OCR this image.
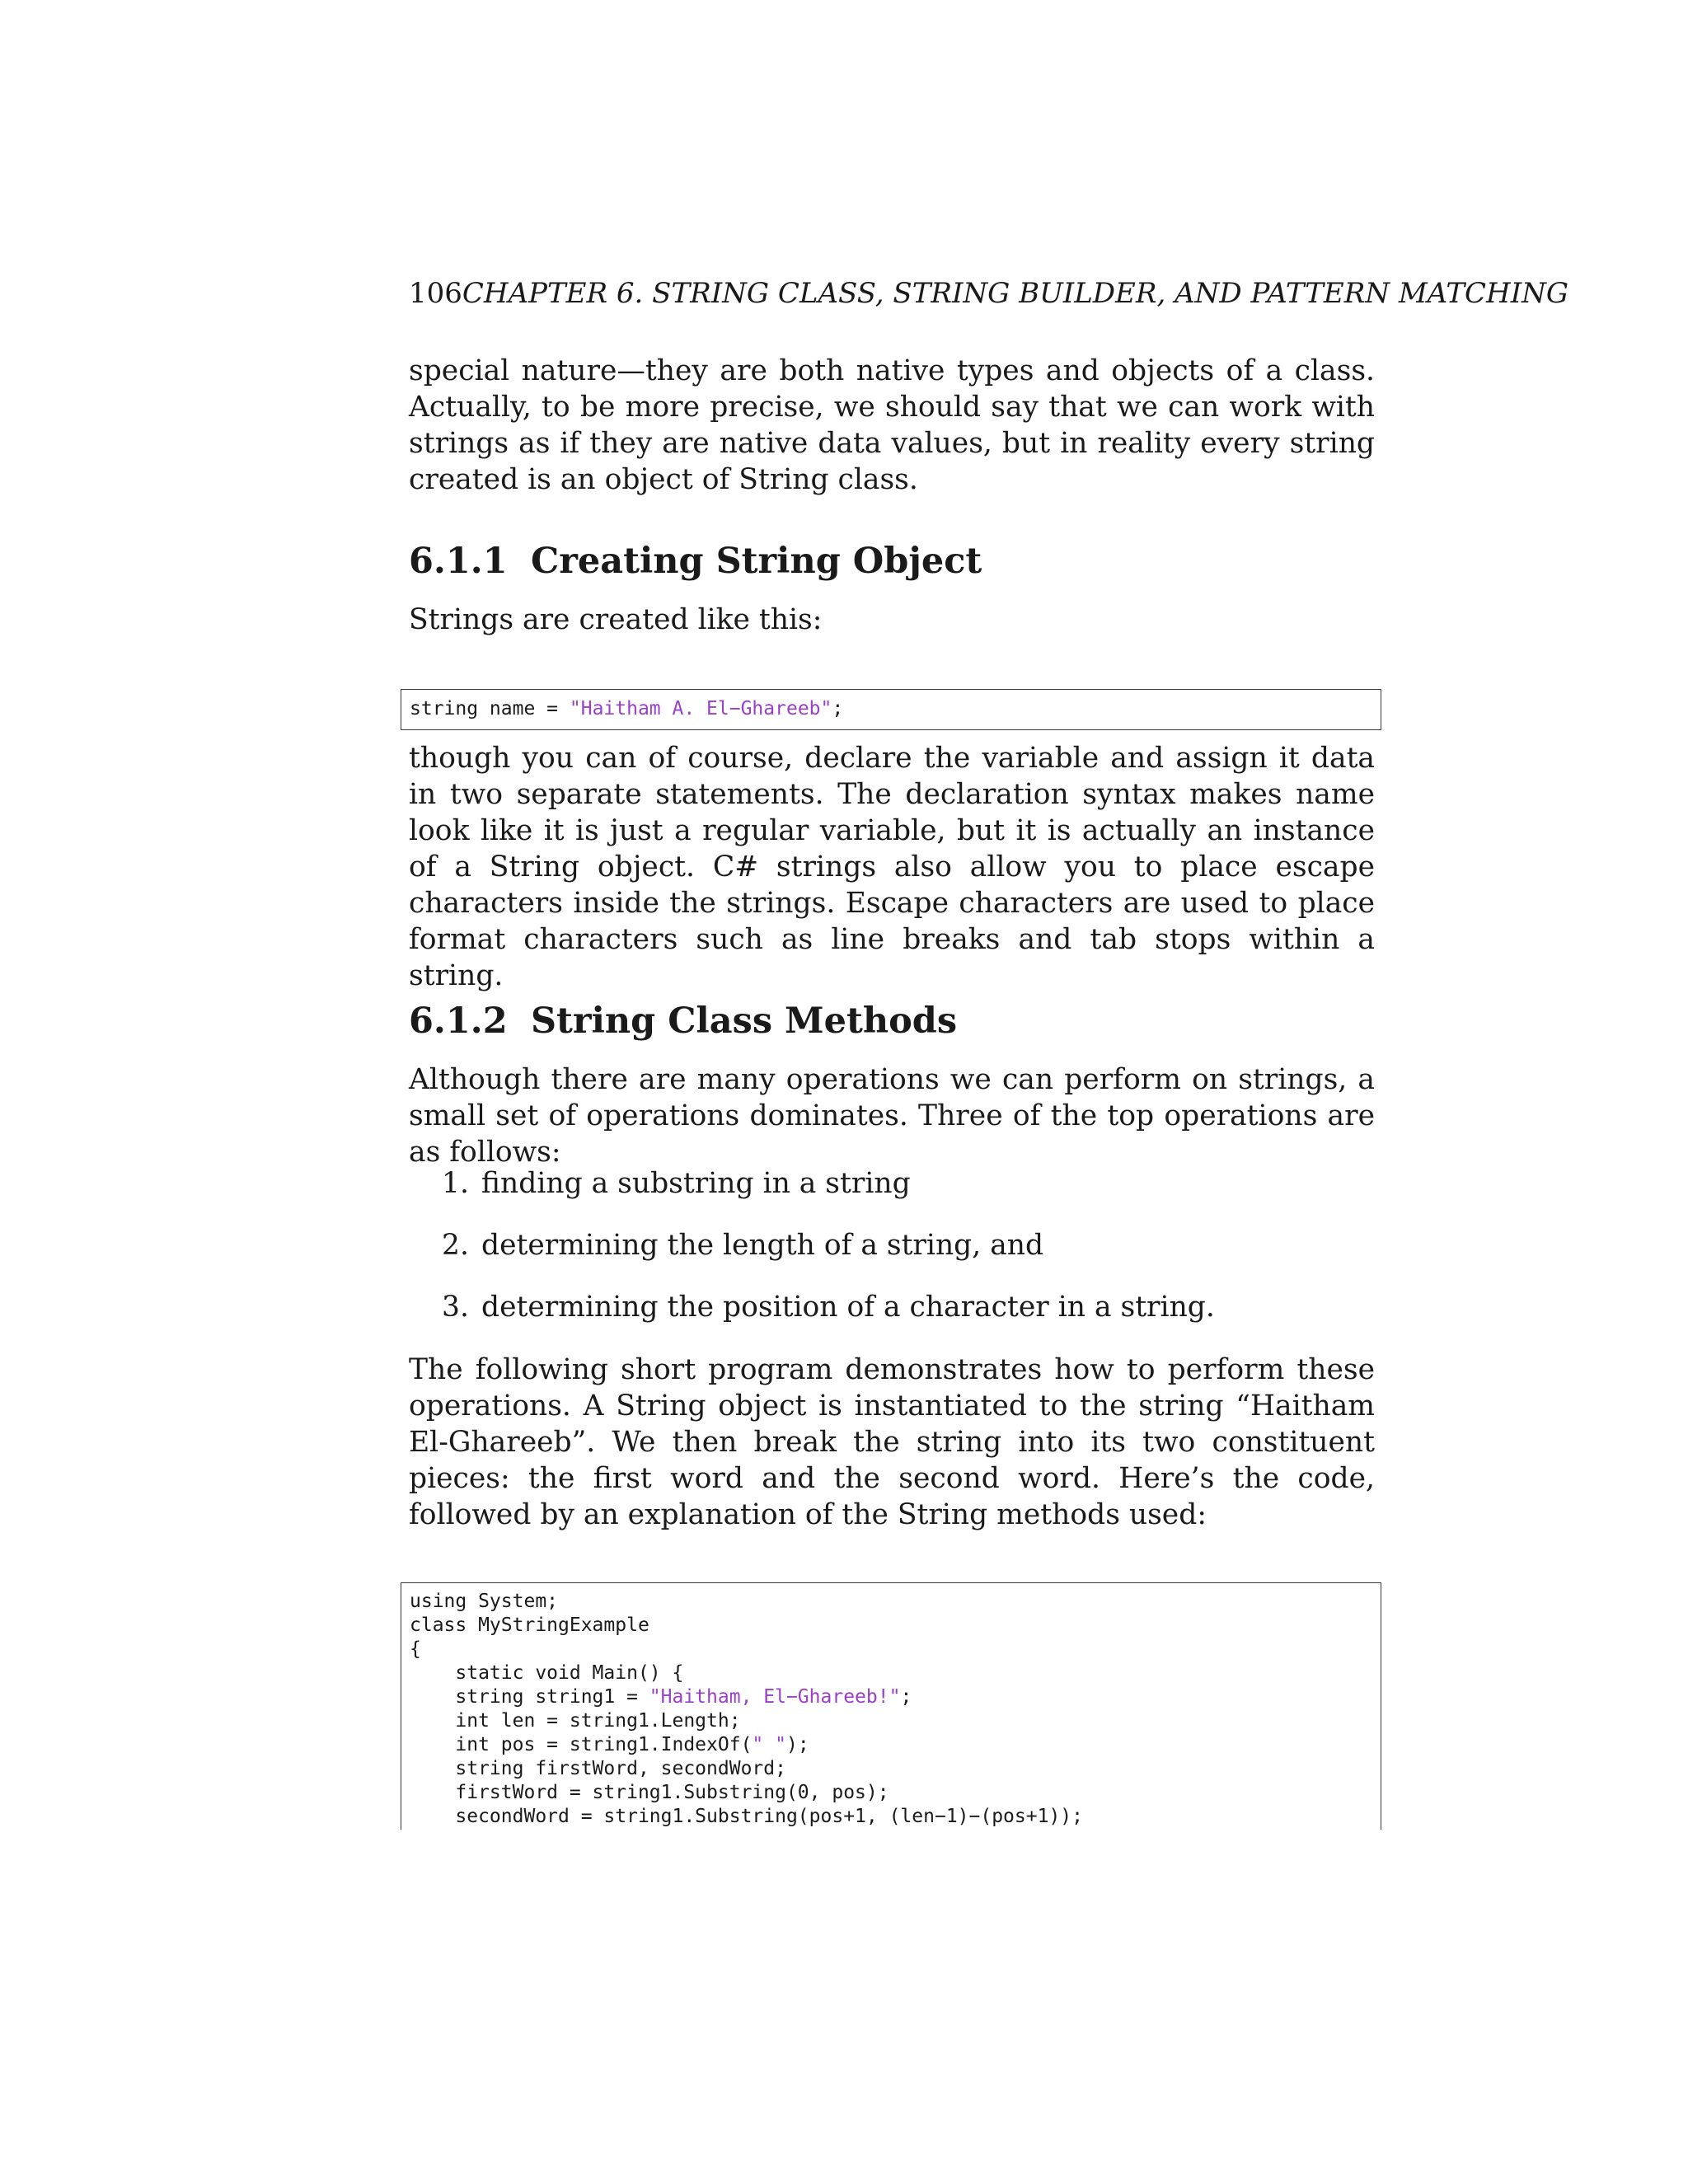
106CHAPTER 6. STRING CLASS, STRING BUILDER, AND PATTERN MATCHING

special nature—they are both native types and objects of a class. Actually, to be more precise, we should say that we can work with strings as if they are native data values, but in reality every string created is an object of String class.

6.1.1 Creating String Object

Strings are created like this:

string name = "Haitham A. El−Ghareeb";

though you can of course, declare the variable and assign it data in two separate statements. The declaration syntax makes name look like it is just a regular variable, but it is actually an instance of a String object. C# strings also allow you to place escape characters inside the strings. Escape characters are used to place format characters such as line breaks and tab stops within a string.

6.1.2 String Class Methods

Although there are many operations we can perform on strings, a small set of operations dominates. Three of the top operations are as follows:

1. finding a substring in a string
2. determining the length of a string, and
3. determining the position of a character in a string.

The following short program demonstrates how to perform these operations. A String object is instantiated to the string “Haitham El-Ghareeb”. We then break the string into its two constituent pieces: the first word and the second word. Here’s the code, followed by an explanation of the String methods used:

using System;
class MyStringExample
{
static void Main() {
string string1 = "Haitham, El−Ghareeb!";
int len = string1.Length;
int pos = string1.IndexOf(" ");
string firstWord, secondWord;
firstWord = string1.Substring(0, pos);
secondWord = string1.Substring(pos+1, (len−1)−(pos+1));
